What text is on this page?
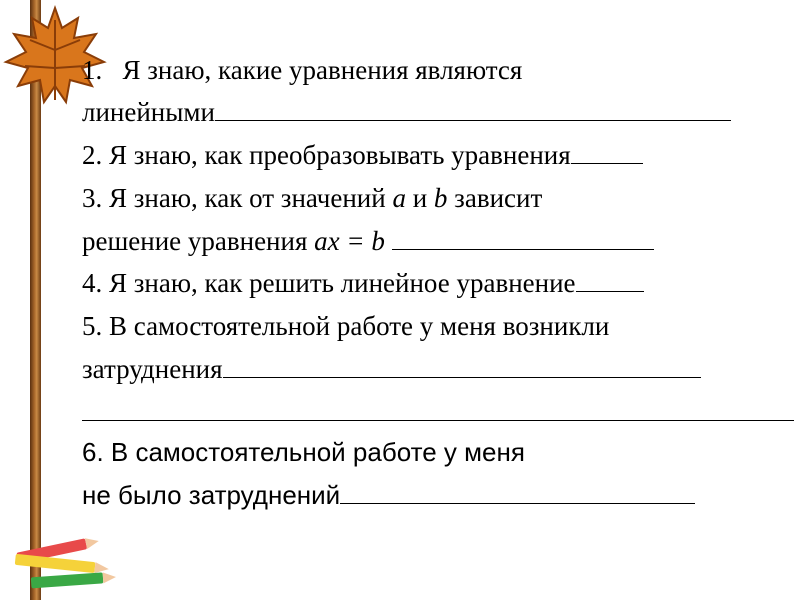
1. Я знаю, какие уравнения являются
линейными
2. Я знаю, как преобразовывать уравнения
3. Я знаю, как от значений a и b зависит
решение уравнения ax = b
4. Я знаю, как решить линейное уравнение
5. В самостоятельной работе у меня возникли
затруднения
6. В самостоятельной работе у меня
не было затруднений
